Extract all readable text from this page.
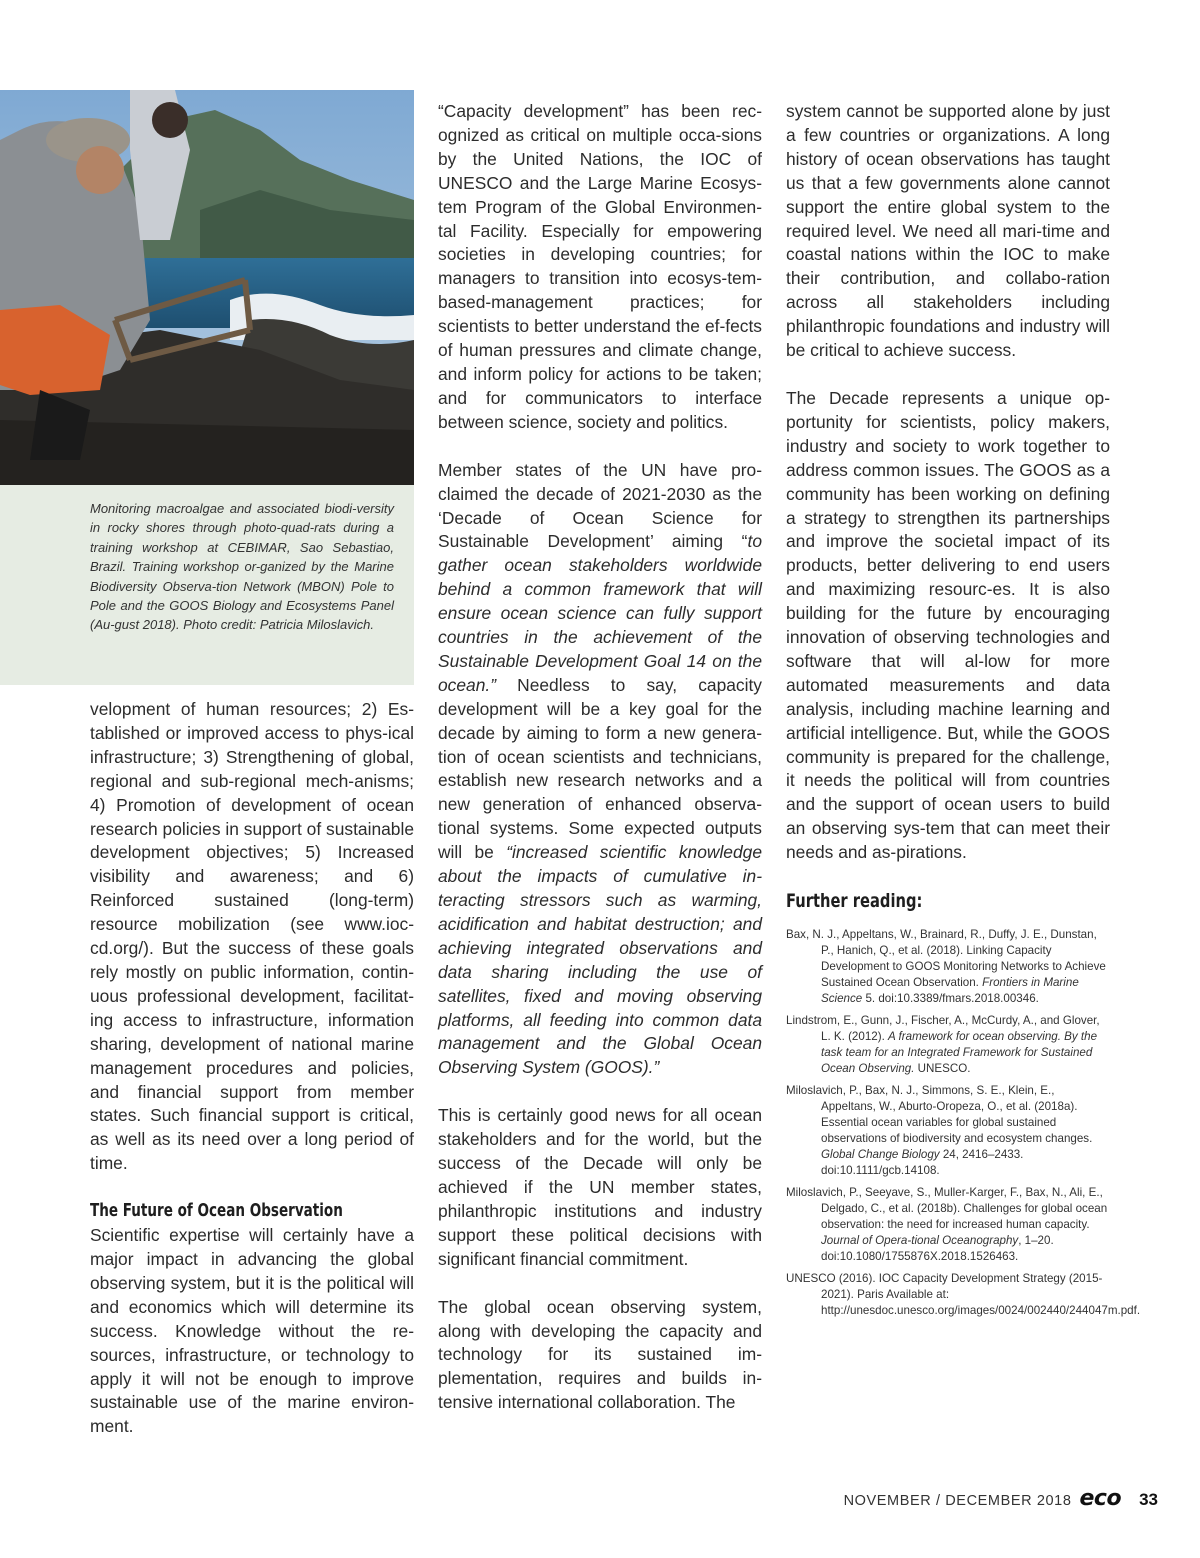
Monitoring macroalgae and associated biodi-versity in rocky shores through photo-quad-rats during a training workshop at CEBIMAR, Sao Sebastiao, Brazil. Training workshop or-ganized by the Marine Biodiversity Observa-tion Network (MBON) Pole to Pole and the GOOS Biology and Ecosystems Panel (Au-gust 2018). Photo credit: Patricia Miloslavich.

velopment of human resources; 2) Es-tablished or improved access to phys-ical infrastructure; 3) Strengthening of global, regional and sub-regional mech-anisms; 4) Promotion of development of ocean research policies in support of sustainable development objectives; 5) Increased visibility and awareness; and 6) Reinforced sustained (long-term) resource mobilization (see www.ioc-cd.org/). But the success of these goals rely mostly on public information, contin-uous professional development, facilitat-ing access to infrastructure, information sharing, development of national marine management procedures and policies, and financial support from member states. Such financial support is critical, as well as its need over a long period of time.

The Future of Ocean Observation

Scientific expertise will certainly have a major impact in advancing the global observing system, but it is the political will and economics which will determine its success. Knowledge without the re-sources, infrastructure, or technology to apply it will not be enough to improve sustainable use of the marine environ-ment.

“Capacity development” has been rec-ognized as critical on multiple occa-sions by the United Nations, the IOC of UNESCO and the Large Marine Ecosys-tem Program of the Global Environmen-tal Facility. Especially for empowering societies in developing countries; for managers to transition into ecosys-tem-based-management practices; for scientists to better understand the ef-fects of human pressures and climate change, and inform policy for actions to be taken; and for communicators to interface between science, society and politics.

Member states of the UN have pro-claimed the decade of 2021-2030 as the ‘Decade of Ocean Science for Sustainable Development’ aiming “to gather ocean stakeholders worldwide behind a common framework that will ensure ocean science can fully support countries in the achievement of the Sustainable Development Goal 14 on the ocean.” Needless to say, capacity development will be a key goal for the decade by aiming to form a new genera-tion of ocean scientists and technicians, establish new research networks and a new generation of enhanced observa-tional systems. Some expected outputs will be “increased scientific knowledge about the impacts of cumulative in-teracting stressors such as warming, acidification and habitat destruction; and achieving integrated observations and data sharing including the use of satellites, fixed and moving observing platforms, all feeding into common data management and the Global Ocean Observing System (GOOS).”

This is certainly good news for all ocean stakeholders and for the world, but the success of the Decade will only be achieved if the UN member states, philanthropic institutions and industry support these political decisions with significant financial commitment.

The global ocean observing system, along with developing the capacity and technology for its sustained im-plementation, requires and builds in-tensive international collaboration. The

system cannot be supported alone by just a few countries or organizations. A long history of ocean observations has taught us that a few governments alone cannot support the entire global system to the required level. We need all mari-time and coastal nations within the IOC to make their contribution, and collabo-ration across all stakeholders including philanthropic foundations and industry will be critical to achieve success.

The Decade represents a unique op-portunity for scientists, policy makers, industry and society to work together to address common issues. The GOOS as a community has been working on defining a strategy to strengthen its partnerships and improve the societal impact of its products, better delivering to end users and maximizing resourc-es. It is also building for the future by encouraging innovation of observing technologies and software that will al-low for more automated measurements and data analysis, including machine learning and artificial intelligence. But, while the GOOS community is prepared for the challenge, it needs the political will from countries and the support of ocean users to build an observing sys-tem that can meet their needs and as-pirations.

Further reading:
Bax, N. J., Appeltans, W., Brainard, R., Duffy, J. E., Dunstan, P., Hanich, Q., et al. (2018). Linking Capacity Development to GOOS Monitoring Networks to Achieve Sustained Ocean Observation. Frontiers in Marine Science 5. doi:10.3389/fmars.2018.00346.
Lindstrom, E., Gunn, J., Fischer, A., McCurdy, A., and Glover, L. K. (2012). A framework for ocean observing. By the task team for an Integrated Framework for Sustained Ocean Observing. UNESCO.
Miloslavich, P., Bax, N. J., Simmons, S. E., Klein, E., Appeltans, W., Aburto-Oropeza, O., et al. (2018a). Essential ocean variables for global sustained observations of biodiversity and ecosystem changes. Global Change Biology 24, 2416–2433. doi:10.1111/gcb.14108.
Miloslavich, P., Seeyave, S., Muller-Karger, F., Bax, N., Ali, E., Delgado, C., et al. (2018b). Challenges for global ocean observation: the need for increased human capacity. Journal of Opera-tional Oceanography, 1–20. doi:10.1080/1755876X.2018.1526463.
UNESCO (2016). IOC Capacity Development Strategy (2015-2021). Paris Available at: http://unesdoc.unesco.org/images/0024/002440/244047m.pdf.
NOVEMBER / DECEMBER 2018 eco 33
